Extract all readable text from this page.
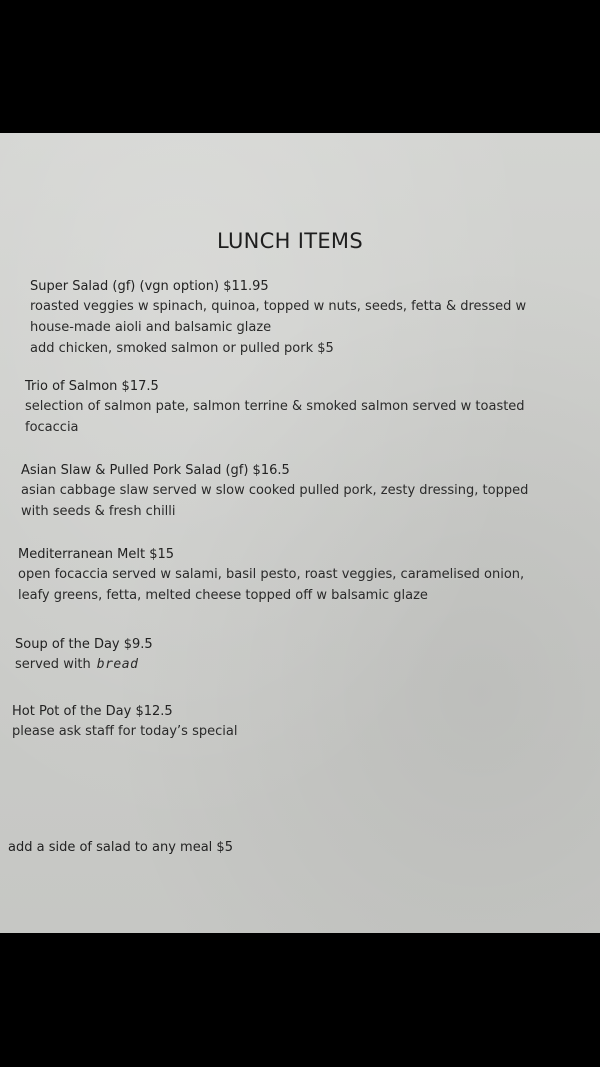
LUNCH ITEMS
Super Salad (gf) (vgn option) $11.95
roasted veggies w spinach, quinoa, topped w nuts, seeds, fetta & dressed w
house-made aioli and balsamic glaze
add chicken, smoked salmon or pulled pork $5
Trio of Salmon $17.5
selection of salmon pate, salmon terrine & smoked salmon served w toasted
focaccia
Asian Slaw & Pulled Pork Salad (gf) $16.5
asian cabbage slaw served w slow cooked pulled pork, zesty dressing, topped
with seeds & fresh chilli
Mediterranean Melt $15
open focaccia served w salami, basil pesto, roast veggies, caramelised onion,
leafy greens, fetta, melted cheese topped off w balsamic glaze
Soup of the Day $9.5
served with bread
Hot Pot of the Day $12.5
please ask staff for today’s special
add a side of salad to any meal $5
